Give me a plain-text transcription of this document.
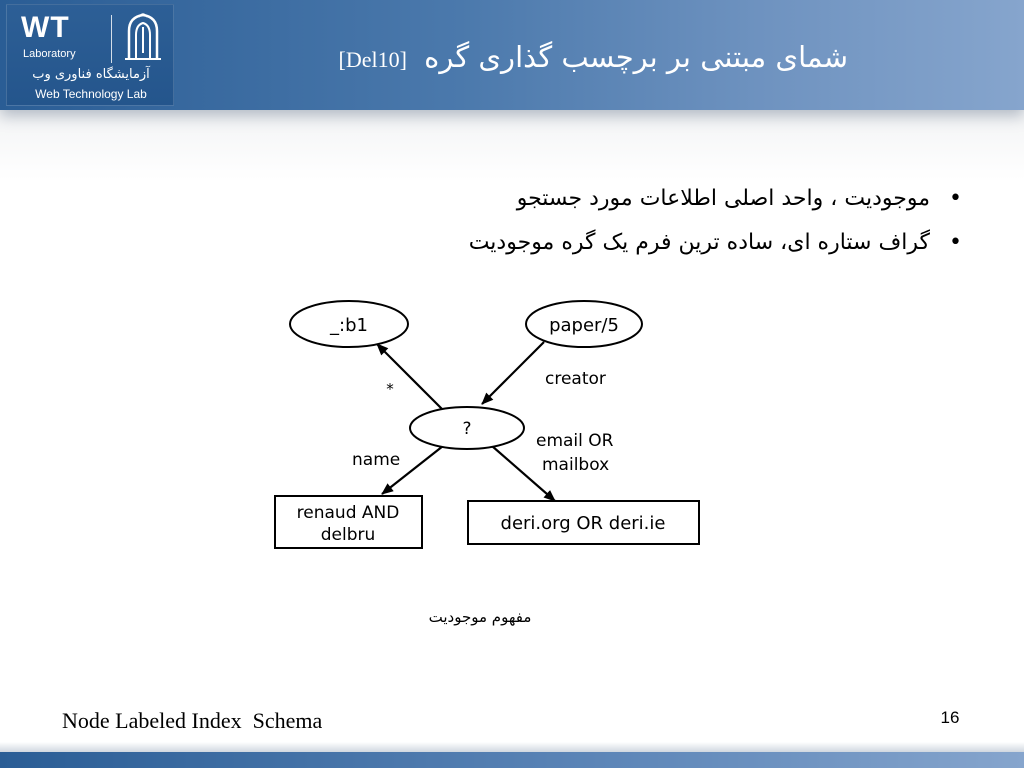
WT
Laboratory
آزمایشگاه فناوری وب
Web Technology Lab
شمای مبتنی بر برچسب گذاری گره [Del10]
• موجودیت ، واحد اصلی اطلاعات مورد جستجو
• گراف ستاره ای، ساده ترین فرم یک گره موجودیت
_:b1	paper/5
?
renaud AND
delbru
deri.org OR deri.ie
*	creator
name
email OR
mailbox
مفهوم موجودیت
Node Labeled Index  Schema	16
